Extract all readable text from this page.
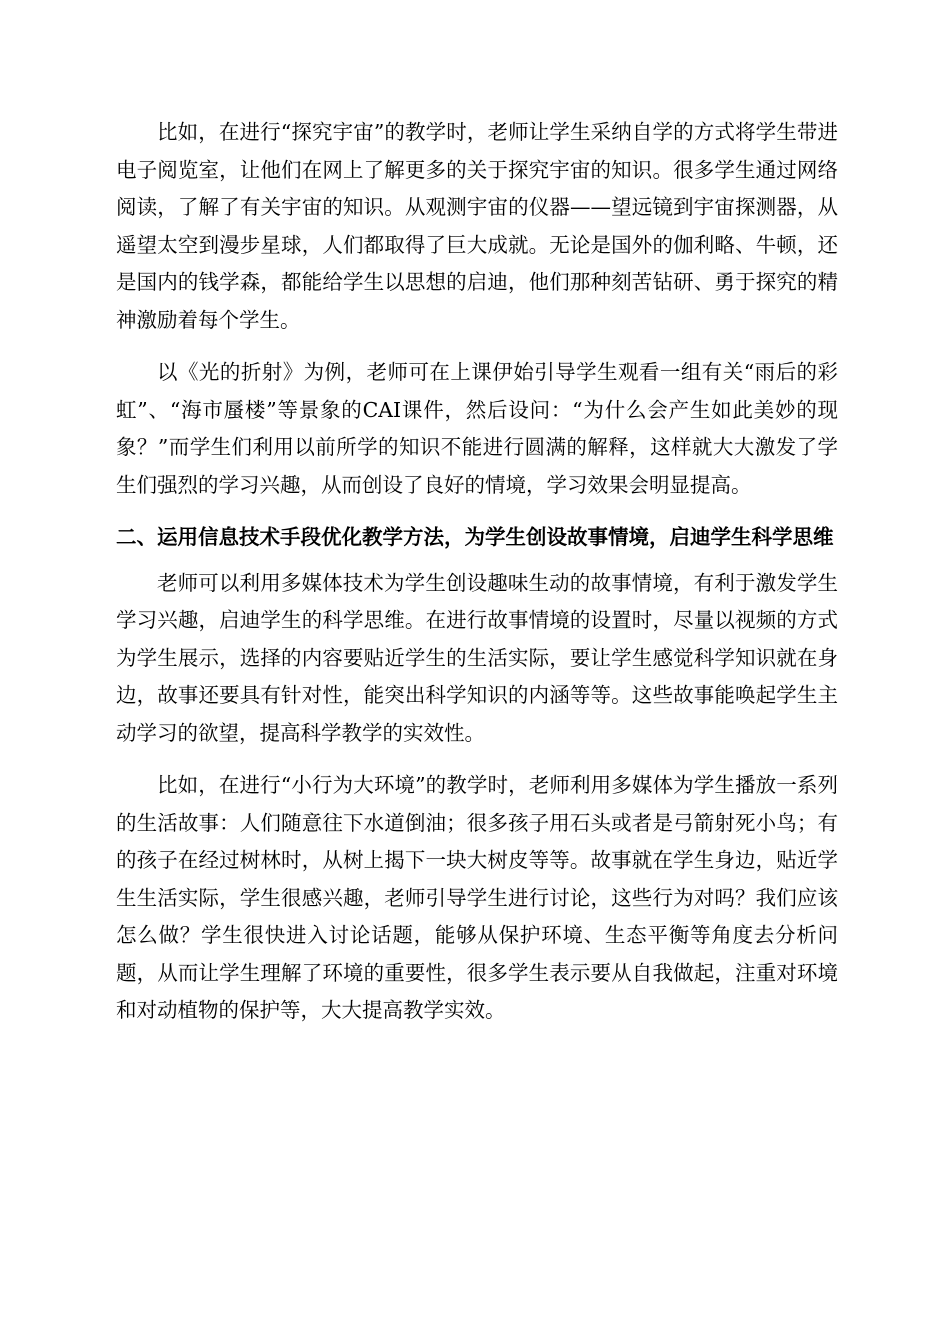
比如，在进行“探究宇宙”的教学时，老师让学生采纳自学的方式将学生带进电子阅览室，让他们在网上了解更多的关于探究宇宙的知识。很多学生通过网络阅读，了解了有关宇宙的知识。从观测宇宙的仪器——望远镜到宇宙探测器，从遥望太空到漫步星球，人们都取得了巨大成就。无论是国外的伽利略、牛顿，还是国内的钱学森，都能给学生以思想的启迪，他们那种刻苦钻研、勇于探究的精神激励着每个学生。

以《光的折射》为例，老师可在上课伊始引导学生观看一组有关“雨后的彩虹”、“海市蜃楼”等景象的CAI课件，然后设问：“为什么会产生如此美妙的现象？”而学生们利用以前所学的知识不能进行圆满的解释，这样就大大激发了学生们强烈的学习兴趣，从而创设了良好的情境，学习效果会明显提高。

二、运用信息技术手段优化教学方法，为学生创设故事情境，启迪学生科学思维

老师可以利用多媒体技术为学生创设趣味生动的故事情境，有利于激发学生学习兴趣，启迪学生的科学思维。在进行故事情境的设置时，尽量以视频的方式为学生展示，选择的内容要贴近学生的生活实际，要让学生感觉科学知识就在身边，故事还要具有针对性，能突出科学知识的内涵等等。这些故事能唤起学生主动学习的欲望，提高科学教学的实效性。

比如，在进行“小行为大环境”的教学时，老师利用多媒体为学生播放一系列的生活故事：人们随意往下水道倒油；很多孩子用石头或者是弓箭射死小鸟；有的孩子在经过树林时，从树上揭下一块大树皮等等。故事就在学生身边，贴近学生生活实际，学生很感兴趣，老师引导学生进行讨论，这些行为对吗？我们应该怎么做？学生很快进入讨论话题，能够从保护环境、生态平衡等角度去分析问题，从而让学生理解了环境的重要性，很多学生表示要从自我做起，注重对环境和对动植物的保护等，大大提高教学实效。
